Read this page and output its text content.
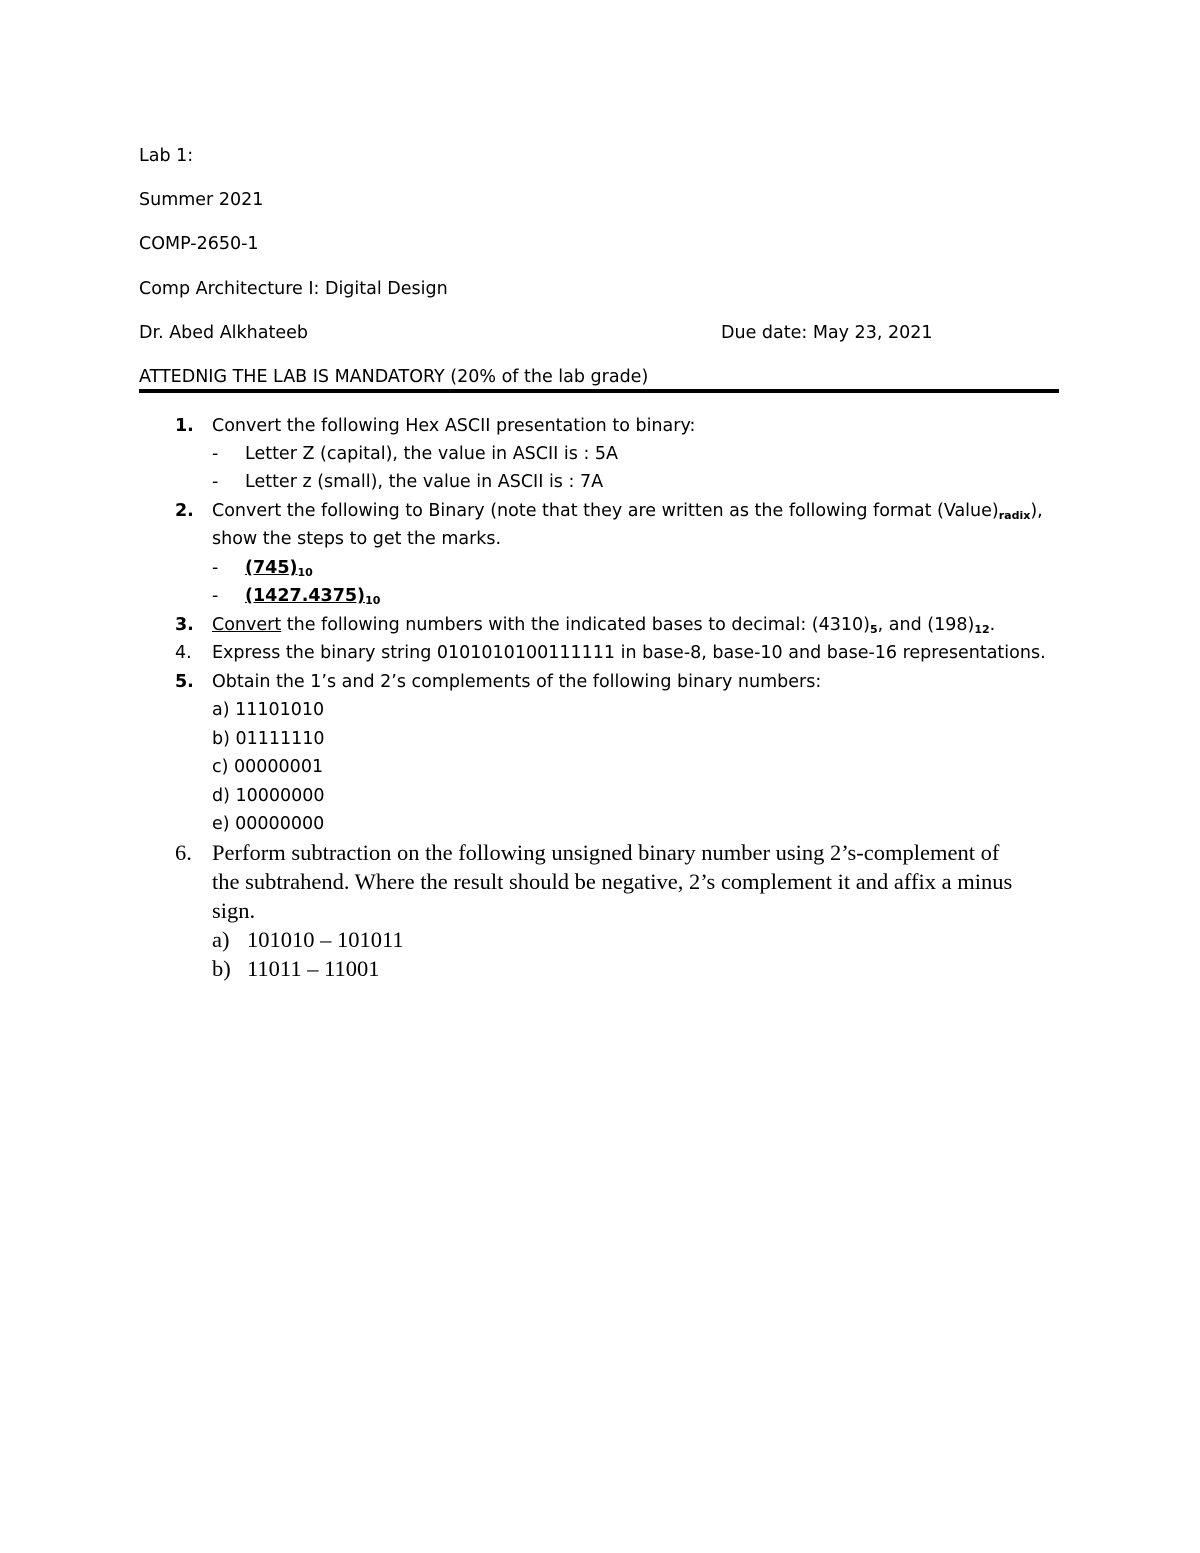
Lab 1:
Summer 2021
COMP-2650-1
Comp Architecture I: Digital Design
Dr. Abed Alkhateeb	Due date: May 23, 2021
ATTEDNIG THE LAB IS MANDATORY (20% of the lab grade)
1. Convert the following Hex ASCII presentation to binary:
- Letter Z (capital), the value in ASCII is : 5A
- Letter z (small), the value in ASCII is : 7A
2. Convert the following to Binary (note that they are written as the following format $(Value)_{radix}$),
show the steps to get the marks.
- $(745)_{10}$
- $(1427.4375)_{10}$
3. Convert the following numbers with the indicated bases to decimal: $(4310)_5$, and $(198)_{12}$.
4. Express the binary string 0101010100111111 in base-8, base-10 and base-16 representations.
5. Obtain the 1’s and 2’s complements of the following binary numbers:
a) 11101010
b) 01111110
c) 00000001
d) 10000000
e) 00000000
6. Perform subtraction on the following unsigned binary number using 2’s-complement of
the subtrahend. Where the result should be negative, 2’s complement it and affix a minus
sign.
a) 101010 – 101011
b) 11011 – 11001
